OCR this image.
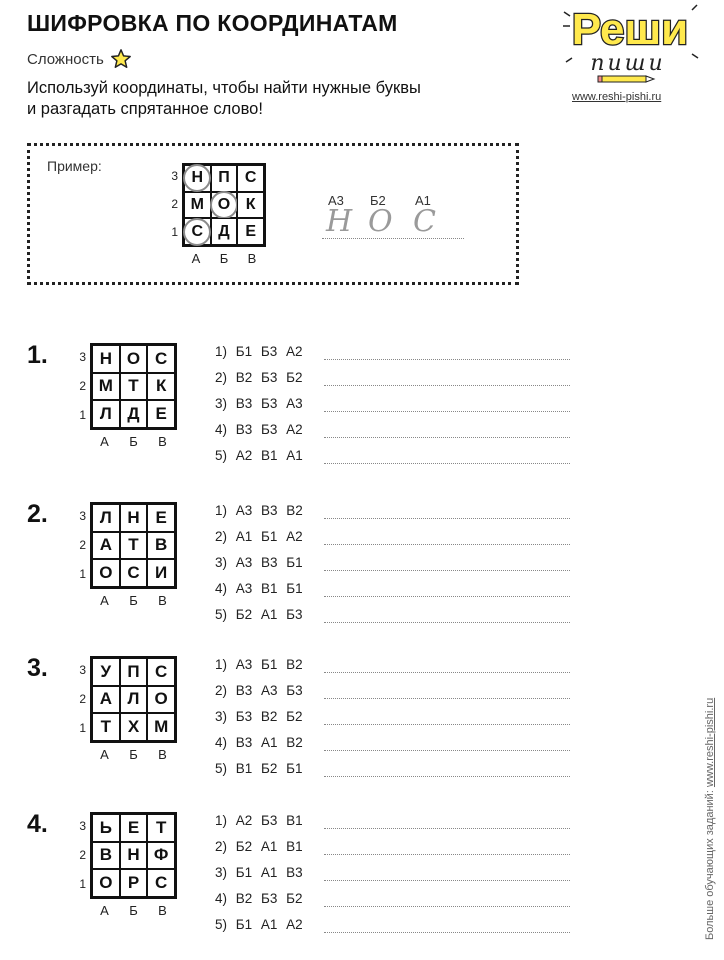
ШИФРОВКА ПО КООРДИНАТАМ
Сложность
Используй координаты, чтобы найти нужные буквы
и разгадать спрятанное слово!
Реши
пиши
www.reshi-pishi.ru
Пример:
Н П С
М О К
С Д Е
3
2
1
А	Б	В
А3 Б2 А1
Н О С
1.	Н О С
М Т К
Л Д Е
3
2
1
А	Б	В
1) Б1 Б3 А2
2) В2 Б3 Б2
3) В3 Б3 А3
4) В3 Б3 А2
5) А2 В1 А1
2.	Л Н Е
А Т В
О С И
3
2
1
А	Б	В
1) А3 В3 В2
2) А1 Б1 А2
3) А3 В3 Б1
4) А3 В1 Б1
5) Б2 А1 Б3
3.	У П С
А Л О
Т Х М
3
2
1
А	Б	В
1) А3 Б1 В2
2) В3 А3 Б3
3) Б3 В2 Б2
4) В3 А1 В2
5) В1 Б2 Б1
4.	Ь Е Т
В Н Ф
О Р С
3
2
1
А	Б	В
1) А2 Б3 В1
2) Б2 А1 В1
3) Б1 А1 В3
4) В2 Б3 Б2
5) Б1 А1 А2	Больше обучающих заданий: www.reshi-pishi.ru
